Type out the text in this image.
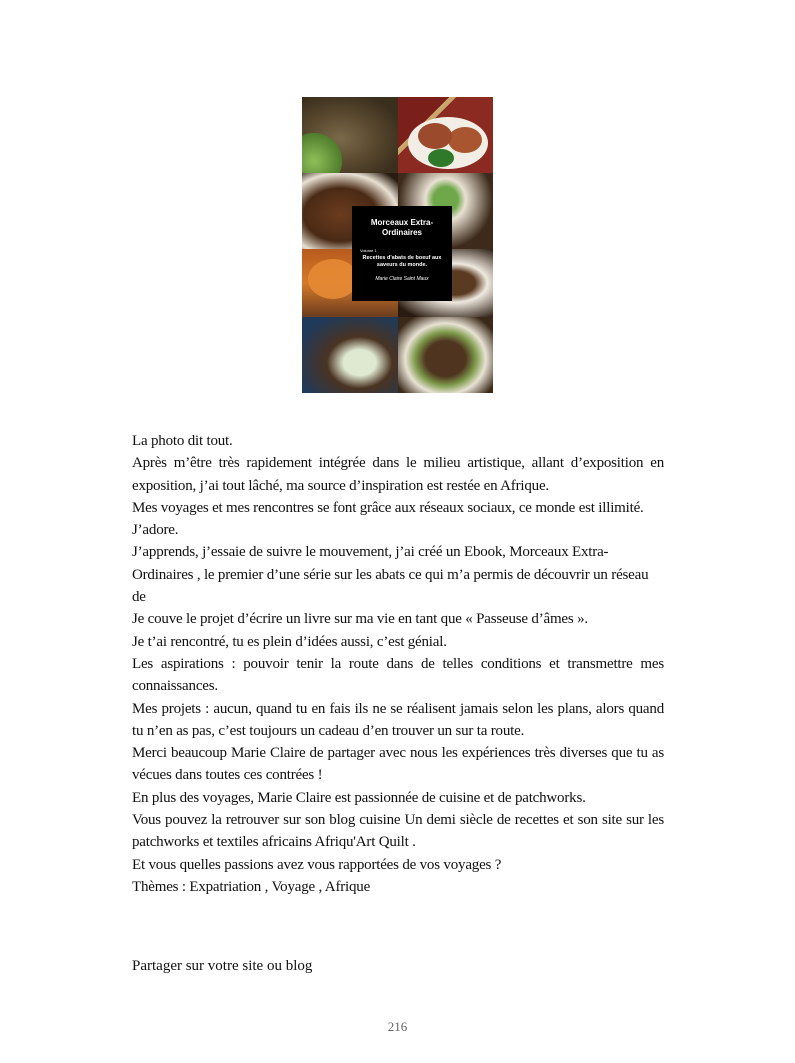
Morceaux Extra-Ordinaires
Volume 1
Recettes d'abats de boeuf aux saveurs du monde.
Marie Claire Saint Maux

La photo dit tout.

Après m’être très rapidement intégrée dans le milieu artistique, allant d’exposition en exposition, j’ai tout lâché, ma source d’inspiration est restée en Afrique.

Mes voyages et mes rencontres se font grâce aux réseaux sociaux, ce monde est illimité.

J’adore.

J’apprends, j’essaie de suivre le mouvement, j’ai créé un Ebook, Morceaux Extra-Ordinaires , le premier d’une série sur les abats ce qui m’a permis de découvrir un réseau de

Je couve le projet d’écrire un livre sur ma vie en tant que « Passeuse d’âmes ».

Je t’ai rencontré, tu es plein d’idées aussi, c’est génial.

Les aspirations : pouvoir tenir la route dans de telles conditions et transmettre mes connaissances.

Mes projets : aucun, quand tu en fais ils ne se réalisent jamais selon les plans, alors quand tu n’en as pas, c’est toujours un cadeau d’en trouver un sur ta route.

Merci beaucoup Marie Claire de partager avec nous les expériences très diverses que tu as vécues dans toutes ces contrées !

En plus des voyages, Marie Claire est passionnée de cuisine et de patchworks.

Vous pouvez la retrouver sur son blog cuisine Un demi siècle de recettes et son site sur les patchworks et textiles africains Afriqu'Art Quilt .

Et vous quelles passions avez vous rapportées de vos voyages ?

Thèmes : Expatriation , Voyage , Afrique

Partager sur votre site ou blog
216
